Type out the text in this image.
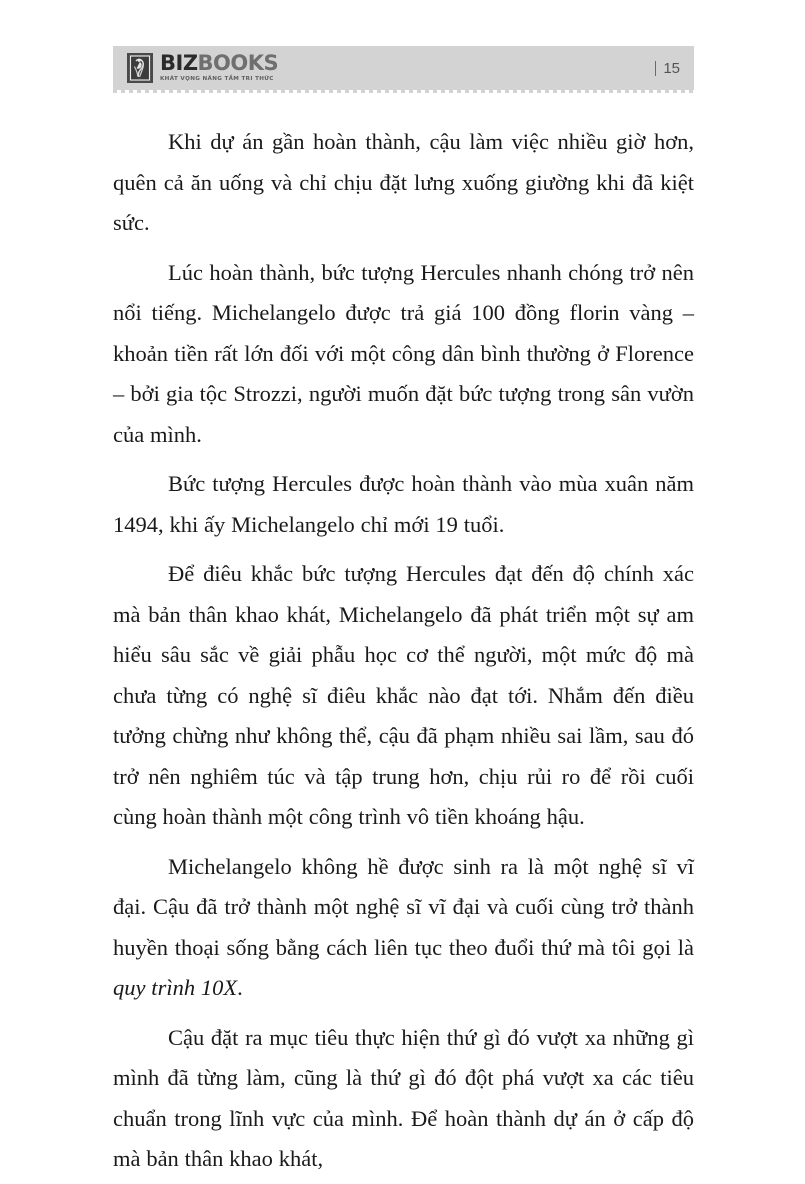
BIZBOOKS
KHÁT VỌNG NÂNG TẦM TRI THỨC
15

Khi dự án gần hoàn thành, cậu làm việc nhiều giờ hơn, quên cả ăn uống và chỉ chịu đặt lưng xuống giường khi đã kiệt sức.

Lúc hoàn thành, bức tượng Hercules nhanh chóng trở nên nổi tiếng. Michelangelo được trả giá 100 đồng florin vàng – khoản tiền rất lớn đối với một công dân bình thường ở Florence – bởi gia tộc Strozzi, người muốn đặt bức tượng trong sân vườn của mình.

Bức tượng Hercules được hoàn thành vào mùa xuân năm 1494, khi ấy Michelangelo chỉ mới 19 tuổi.

Để điêu khắc bức tượng Hercules đạt đến độ chính xác mà bản thân khao khát, Michelangelo đã phát triển một sự am hiểu sâu sắc về giải phẫu học cơ thể người, một mức độ mà chưa từng có nghệ sĩ điêu khắc nào đạt tới. Nhắm đến điều tưởng chừng như không thể, cậu đã phạm nhiều sai lầm, sau đó trở nên nghiêm túc và tập trung hơn, chịu rủi ro để rồi cuối cùng hoàn thành một công trình vô tiền khoáng hậu.

Michelangelo không hề được sinh ra là một nghệ sĩ vĩ đại. Cậu đã trở thành một nghệ sĩ vĩ đại và cuối cùng trở thành huyền thoại sống bằng cách liên tục theo đuổi thứ mà tôi gọi là quy trình 10X.

Cậu đặt ra mục tiêu thực hiện thứ gì đó vượt xa những gì mình đã từng làm, cũng là thứ gì đó đột phá vượt xa các tiêu chuẩn trong lĩnh vực của mình. Để hoàn thành dự án ở cấp độ mà bản thân khao khát,
